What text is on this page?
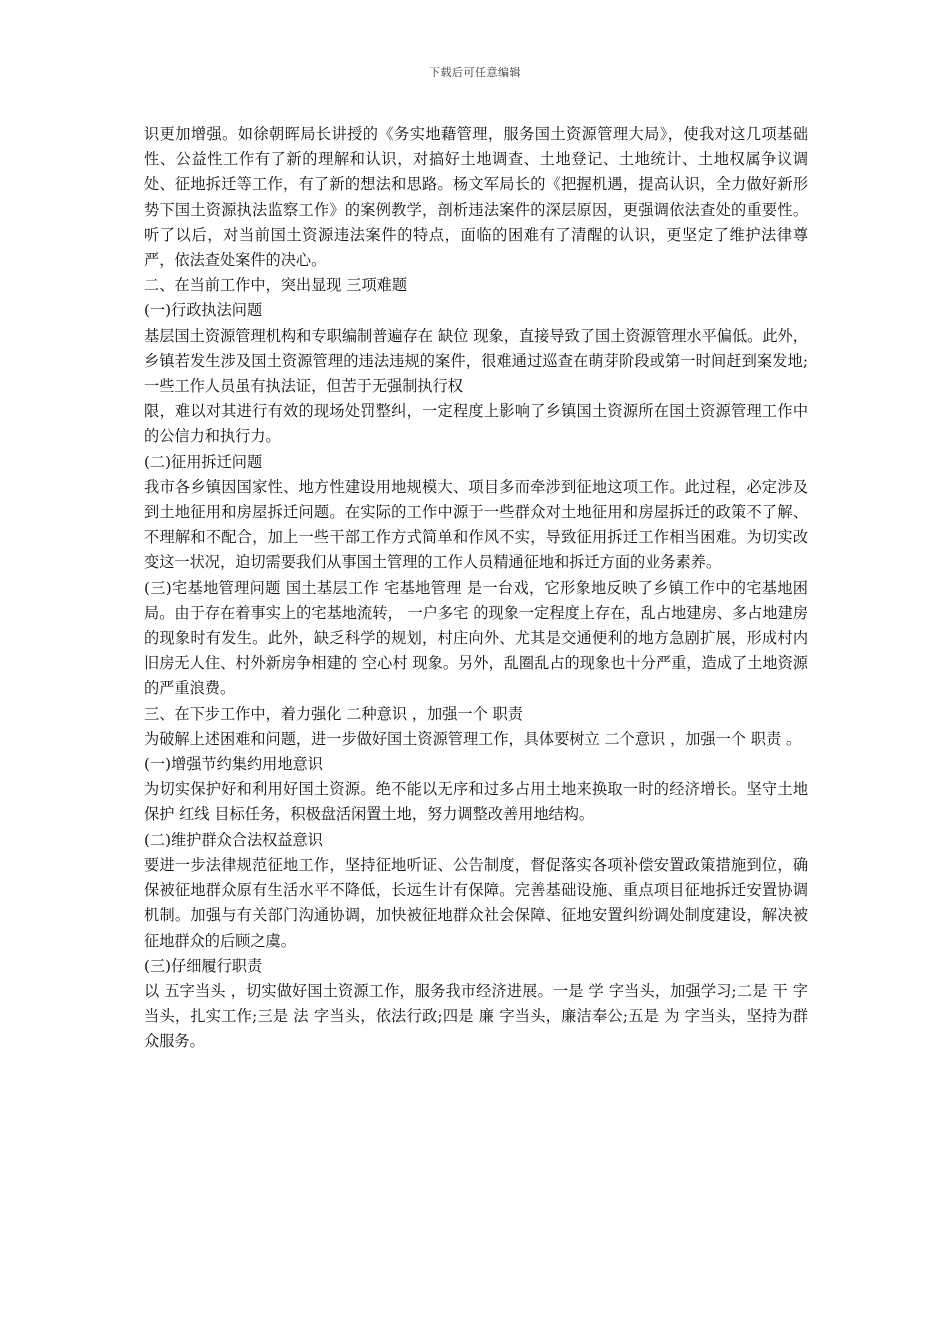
下载后可任意编辑

识更加增强。如徐朝晖局长讲授的《务实地藉管理，服务国土资源管理大局》，使我对这几项基础性、公益性工作有了新的理解和认识，对搞好土地调查、土地登记、土地统计、土地权属争议调处、征地拆迁等工作，有了新的想法和思路。杨文军局长的《把握机遇，提高认识，全力做好新形势下国土资源执法监察工作》的案例教学，剖析违法案件的深层原因，更强调依法查处的重要性。听了以后，对当前国土资源违法案件的特点，面临的困难有了清醒的认识，更坚定了维护法律尊严，依法查处案件的决心。

二、在当前工作中，突出显现 三项难题

(一)行政执法问题

基层国土资源管理机构和专职编制普遍存在 缺位 现象，直接导致了国土资源管理水平偏低。此外，乡镇若发生涉及国土资源管理的违法违规的案件，很难通过巡查在萌芽阶段或第一时间赶到案发地;一些工作人员虽有执法证，但苦于无强制执行权

限，难以对其进行有效的现场处罚整纠，一定程度上影响了乡镇国土资源所在国土资源管理工作中的公信力和执行力。

(二)征用拆迁问题

我市各乡镇因国家性、地方性建设用地规模大、项目多而牵涉到征地这项工作。此过程，必定涉及到土地征用和房屋拆迁问题。在实际的工作中源于一些群众对土地征用和房屋拆迁的政策不了解、不理解和不配合，加上一些干部工作方式简单和作风不实，导致征用拆迁工作相当困难。为切实改变这一状况，迫切需要我们从事国土管理的工作人员精通征地和拆迁方面的业务素养。

(三)宅基地管理问题 国土基层工作 宅基地管理 是一台戏，它形象地反映了乡镇工作中的宅基地困局。由于存在着事实上的宅基地流转， 一户多宅 的现象一定程度上存在，乱占地建房、多占地建房的现象时有发生。此外，缺乏科学的规划，村庄向外、尤其是交通便利的地方急剧扩展，形成村内旧房无人住、村外新房争相建的 空心村 现象。另外，乱圈乱占的现象也十分严重，造成了土地资源的严重浪费。

三、在下步工作中，着力强化 二种意识 ，加强一个 职责

为破解上述困难和问题，进一步做好国土资源管理工作，具体要树立 二个意识 ，加强一个 职责 。

(一)增强节约集约用地意识

为切实保护好和利用好国土资源。绝不能以无序和过多占用土地来换取一时的经济增长。坚守土地保护 红线 目标任务，积极盘活闲置土地，努力调整改善用地结构。

(二)维护群众合法权益意识

要进一步法律规范征地工作，坚持征地听证、公告制度，督促落实各项补偿安置政策措施到位，确保被征地群众原有生活水平不降低，长远生计有保障。完善基础设施、重点项目征地拆迁安置协调机制。加强与有关部门沟通协调，加快被征地群众社会保障、征地安置纠纷调处制度建设，解决被征地群众的后顾之虞。

(三)仔细履行职责

以 五字当头 ，切实做好国土资源工作，服务我市经济进展。一是 学 字当头，加强学习;二是 干 字当头，扎实工作;三是 法 字当头，依法行政;四是 廉 字当头，廉洁奉公;五是 为 字当头，坚持为群众服务。
